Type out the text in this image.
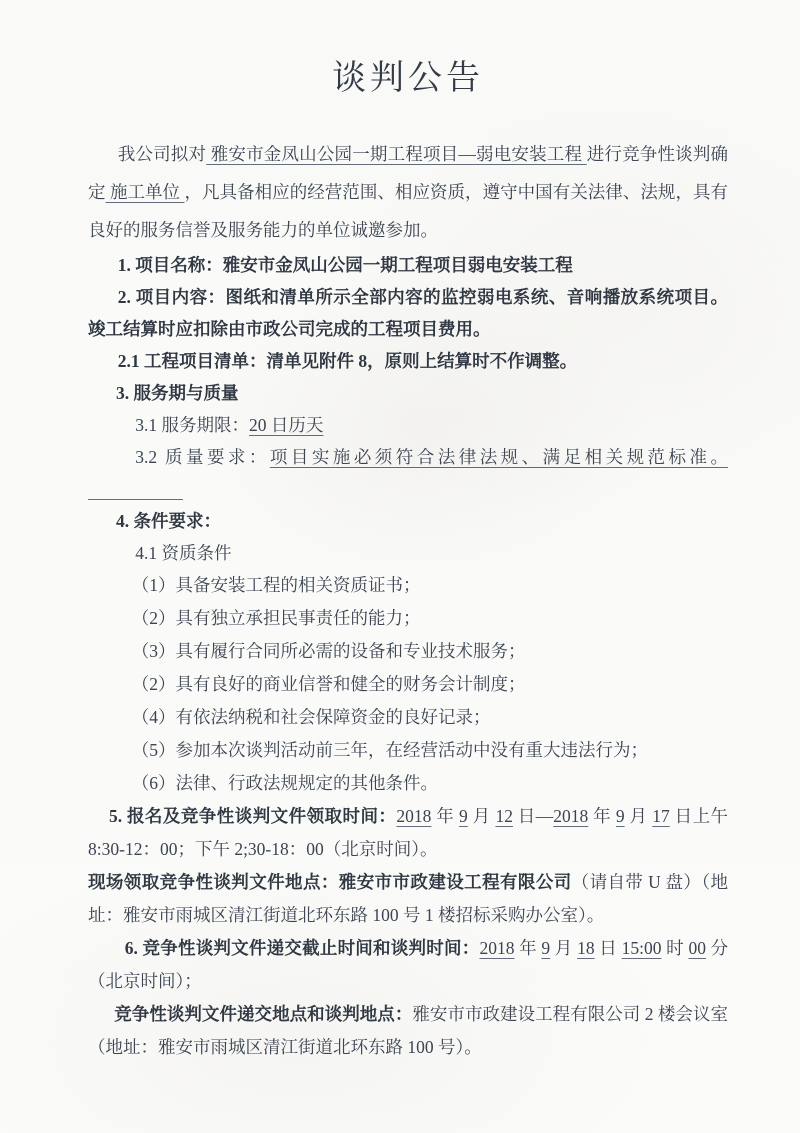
谈判公告

我公司拟对 雅安市金凤山公园一期工程项目—弱电安装工程 进行竞争性谈判确定 施工单位 ，凡具备相应的经营范围、相应资质，遵守中国有关法律、法规，具有良好的服务信誉及服务能力的单位诚邀参加。

1. 项目名称：雅安市金凤山公园一期工程项目弱电安装工程

2. 项目内容：图纸和清单所示全部内容的监控弱电系统、音响播放系统项目。竣工结算时应扣除由市政公司完成的工程项目费用。

2.1 工程项目清单：清单见附件 8，原则上结算时不作调整。

3. 服务期与质量

3.1 服务期限：20 日历天

3.2 质量要求：项目实施必须符合法律法规、满足相关规范标准。

4. 条件要求：

4.1 资质条件

（1）具备安装工程的相关资质证书；

（2）具有独立承担民事责任的能力；

（3）具有履行合同所必需的设备和专业技术服务；

（2）具有良好的商业信誉和健全的财务会计制度；

（4）有依法纳税和社会保障资金的良好记录；

（5）参加本次谈判活动前三年，在经营活动中没有重大违法行为；

（6）法律、行政法规规定的其他条件。

5. 报名及竞争性谈判文件领取时间：2018 年 9 月 12 日—2018 年 9 月 17 日上午 8:30-12：00；下午 2;30-18：00（北京时间）。

现场领取竞争性谈判文件地点：雅安市市政建设工程有限公司（请自带 U 盘）（地址：雅安市雨城区清江街道北环东路 100 号 1 楼招标采购办公室）。

6. 竞争性谈判文件递交截止时间和谈判时间：2018 年 9 月 18 日 15:00 时 00 分（北京时间）；

竞争性谈判文件递交地点和谈判地点：雅安市市政建设工程有限公司 2 楼会议室（地址：雅安市雨城区清江街道北环东路 100 号）。
